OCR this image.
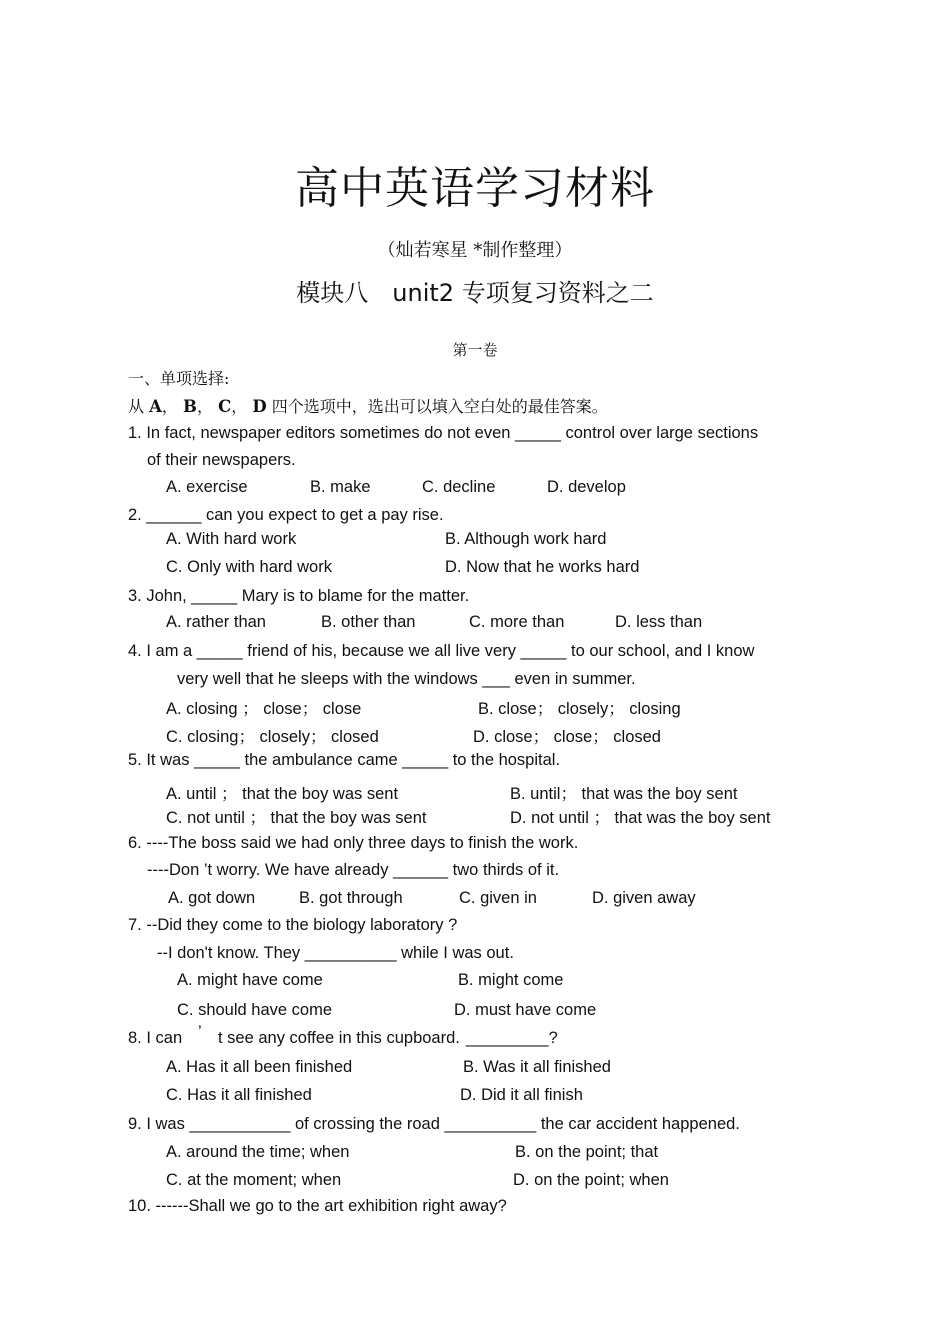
高中英语学习材料
（灿若寒星 *制作整理）
模块八　unit2 专项复习资料之二
第一卷
一、单项选择:
从 A， B， C， D 四个选项中，选出可以填入空白处的最佳答案。
1. In fact, newspaper editors sometimes do not even _____ control over large sections
of their newspapers.
A. exercise	B. make	C. decline	D. develop
2. ______ can you expect to get a pay rise.
A. With hard work	B. Although work hard
C. Only with hard work	D. Now that he works hard
3. John, _____ Mary is to blame for the matter.
A. rather than	B. other than	C. more than	D. less than
4. I am a _____ friend of his, because we all live very _____ to our school, and I know
very well that he sleeps with the windows ___ even in summer.
A. closing ； close； close	B. close； closely； closing
C. closing； closely； closed	D. close； close； closed
5. It was _____ the ambulance came _____ to the hospital.
A. until ； that the boy was sent	B. until； that was the boy sent
C. not until ； that the boy was sent	D. not until ； that was the boy sent
6. ----The boss said we had only three days to finish the work.
----Don ’t worry. We have already ______ two thirds of it.
A. got down	B. got through	C. given in	D. given away
7. --Did they come to the biology laboratory ?
--I don't know. They __________ while I was out.
A. might have come	B. might come
C. should have come	D. must have come
8. I can ’ t see any coffee in this cupboard. _________?
A. Has it all been finished	B. Was it all finished
C. Has it all finished	D. Did it all finish
9. I was ___________ of crossing the road __________ the car accident happened.
A. around the time; when	B. on the point; that
C. at the moment; when	D. on the point; when
10. ------Shall we go to the art exhibition right away?
